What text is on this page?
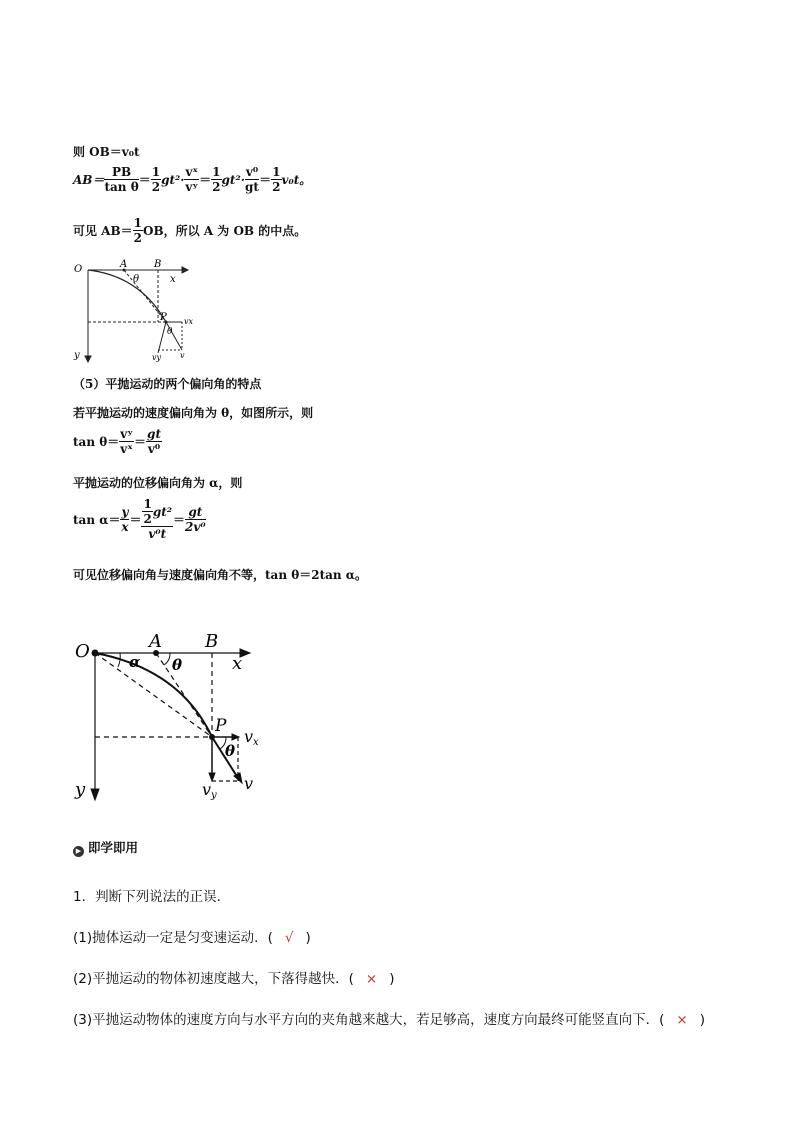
则 OB＝v₀t
$AB= \frac{PB}{\text{tan θ}} = \frac{1}{2} gt^2\cdot \frac{\text{vˣ}}{\text{vʸ}} = \frac{1}{2} gt^2\cdot \frac{\text{v⁰}}{gt} = \frac{1}{2} v_0t$。
可见 $AB= \frac{1}{2}$ OB，所以 A 为 OB 的中点。
O	A	B
θ	x
y
P
θ
vx
vy v
（5）平抛运动的两个偏向角的特点
若平抛运动的速度偏向角为 θ，如图所示，则
$\tan \theta= \frac{\text{vʸ}}{\text{vˣ}} = \frac{gt}{\text{v⁰}}$
平抛运动的位移偏向角为 α，则
$\tan \alpha= \frac{y}{x} = \frac{\frac{1}{2} gt^2}{\text{v⁰t}} = \frac{gt}{\text{2v⁰}}$
可见位移偏向角与速度偏向角不等，tan θ＝2tan α。
O	A B
α θ	x
y
P
θ
vx
vy
v
▶ 即学即用
1．判断下列说法的正误．
(1)抛体运动一定是匀变速运动．( √ )
(2)平抛运动的物体初速度越大，下落得越快．( × )
(3)平抛运动物体的速度方向与水平方向的夹角越来越大，若足够高，速度方向最终可能竖直向下．( × )
